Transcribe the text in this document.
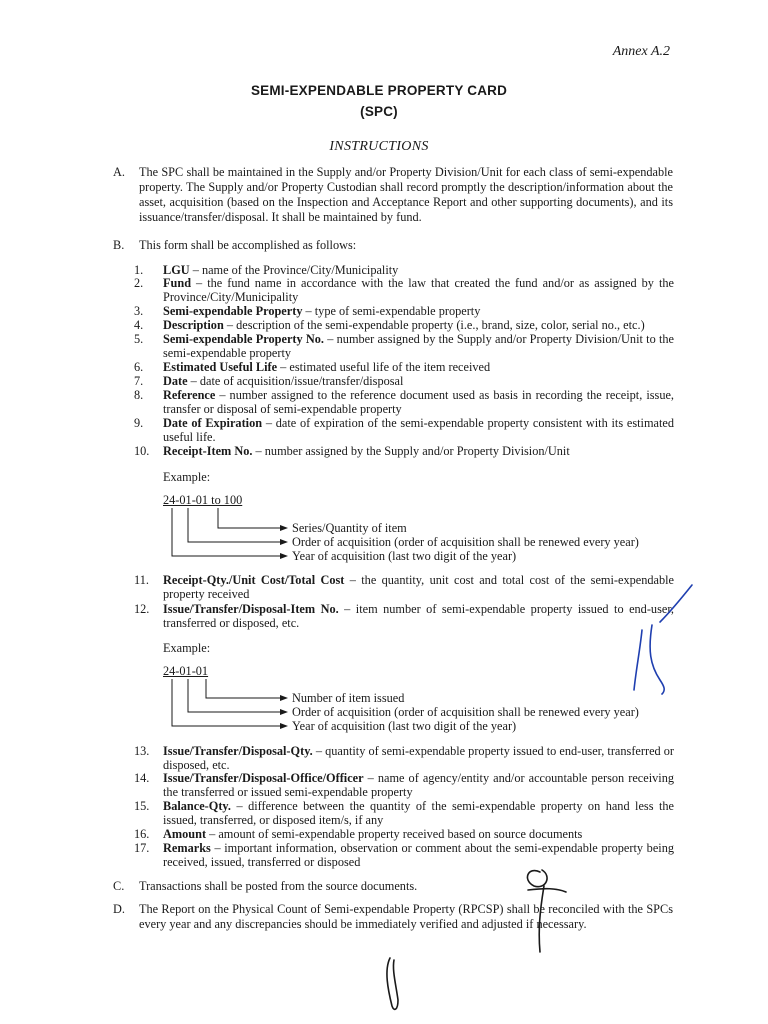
Annex A.2
SEMI-EXPENDABLE PROPERTY CARD
(SPC)
INSTRUCTIONS
A. The SPC shall be maintained in the Supply and/or Property Division/Unit for each class of semi-expendable property. The Supply and/or Property Custodian shall record promptly the description/information about the asset, acquisition (based on the Inspection and Acceptance Report and other supporting documents), and its issuance/transfer/disposal. It shall be maintained by fund.
B. This form shall be accomplished as follows:
1. LGU – name of the Province/City/Municipality
2. Fund – the fund name in accordance with the law that created the fund and/or as assigned by the Province/City/Municipality
3. Semi-expendable Property – type of semi-expendable property
4. Description – description of the semi-expendable property (i.e., brand, size, color, serial no., etc.)
5. Semi-expendable Property No. – number assigned by the Supply and/or Property Division/Unit to the semi-expendable property
6. Estimated Useful Life – estimated useful life of the item received
7. Date – date of acquisition/issue/transfer/disposal
8. Reference – number assigned to the reference document used as basis in recording the receipt, issue, transfer or disposal of semi-expendable property
9. Date of Expiration – date of expiration of the semi-expendable property consistent with its estimated useful life.
10. Receipt-Item No. – number assigned by the Supply and/or Property Division/Unit
Example:
24-01-01 to 100
Series/Quantity of item
Order of acquisition (order of acquisition shall be renewed every year)
Year of acquisition (last two digit of the year)
11. Receipt-Qty./Unit Cost/Total Cost – the quantity, unit cost and total cost of the semi-expendable property received
12. Issue/Transfer/Disposal-Item No. – item number of semi-expendable property issued to end-user, transferred or disposed, etc.
Example:
24-01-01
Number of item issued
Order of acquisition (order of acquisition shall be renewed every year)
Year of acquisition (last two digit of the year)
13. Issue/Transfer/Disposal-Qty. – quantity of semi-expendable property issued to end-user, transferred or disposed, etc.
14. Issue/Transfer/Disposal-Office/Officer – name of agency/entity and/or accountable person receiving the transferred or issued semi-expendable property
15. Balance-Qty. – difference between the quantity of the semi-expendable property on hand less the issued, transferred, or disposed item/s, if any
16. Amount – amount of semi-expendable property received based on source documents
17. Remarks – important information, observation or comment about the semi-expendable property being received, issued, transferred or disposed
C. Transactions shall be posted from the source documents.
D. The Report on the Physical Count of Semi-expendable Property (RPCSP) shall be reconciled with the SPCs every year and any discrepancies should be immediately verified and adjusted if necessary.
